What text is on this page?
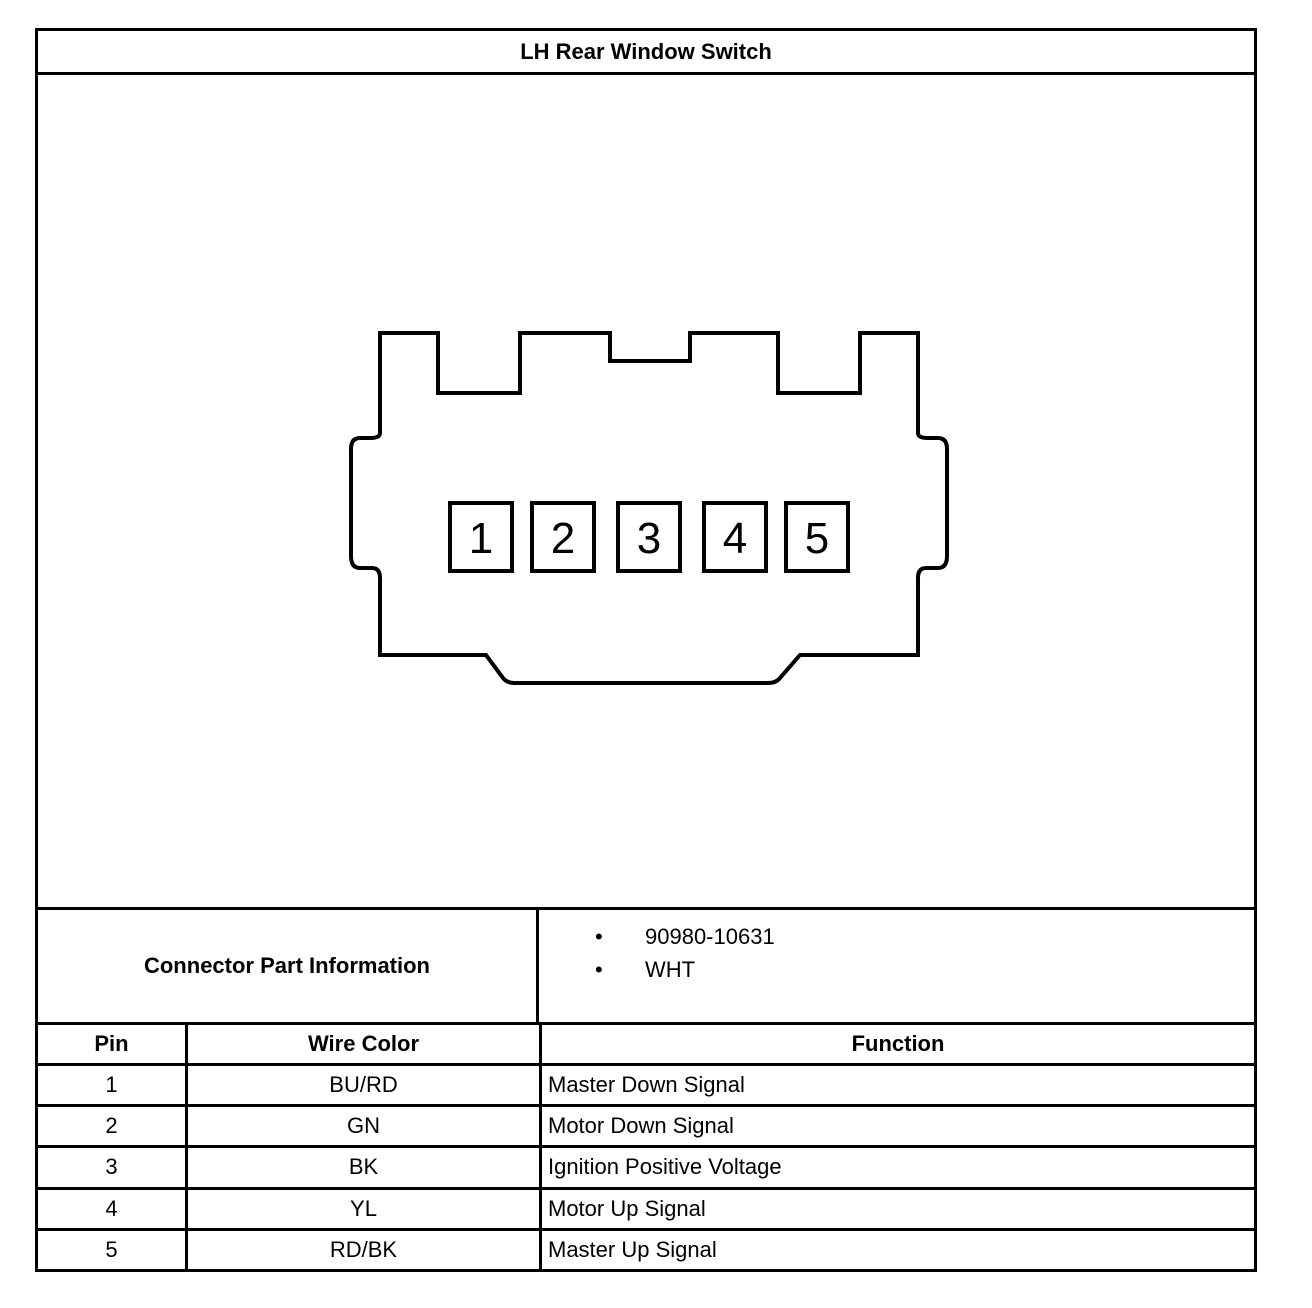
LH Rear Window Switch
1 2 3 4 5
Connector Part Information
• 90980-10631
• WHT
Pin	Wire Color	Function
1	BU/RD	Master Down Signal
2	GN	Motor Down Signal
3	BK	Ignition Positive Voltage
4	YL	Motor Up Signal
5	RD/BK	Master Up Signal
